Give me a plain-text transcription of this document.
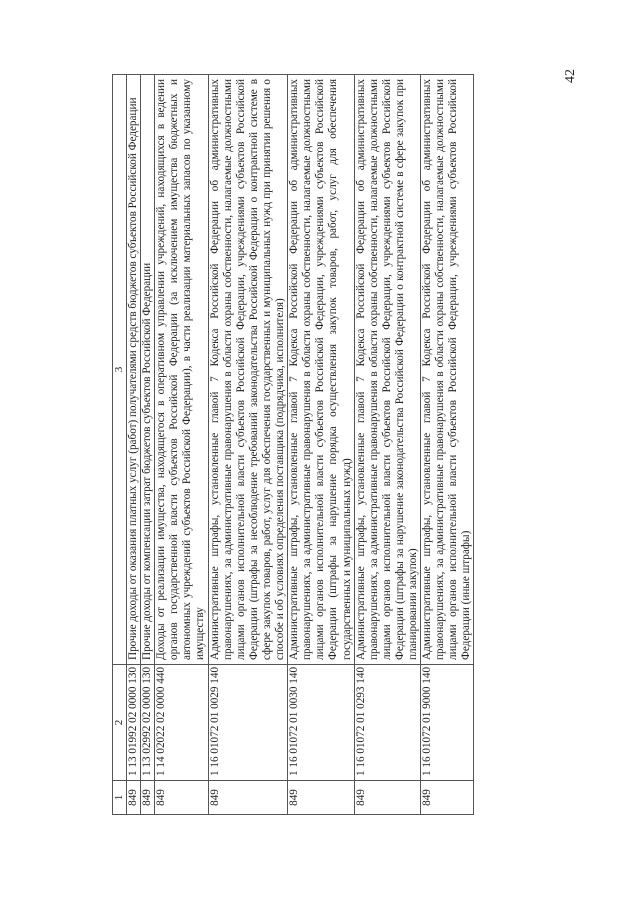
42
1	2	3
849	1 13 01992 02 0000 130	Прочие доходы от оказания платных услуг (работ) получателями средств бюджетов субъектов Российской Федерации
849	1 13 02992 02 0000 130	Прочие доходы от компенсации затрат бюджетов субъектов Российской Федерации
849	1 14 02022 02 0000 440	Доходы от реализации имущества, находящегося в оперативном управлении учреждений, находящихся в ведении органов государственной власти субъектов Российской Федерации (за исключением имущества бюджетных и автономных учреждений субъектов Российской Федерации), в части реализации материальных запасов по указанному имуществу
849	1 16 01072 01 0029 140	Административные штрафы, установленные главой 7 Кодекса Российской Федерации об административных правонарушениях, за административные правонарушения в области охраны собственности, налагаемые должностными лицами органов исполнительной власти субъектов Российской Федерации, учреждениями субъектов Российской Федерации (штрафы за несоблюдение требований законодательства Российской Федерации о контрактной системе в сфере закупок товаров, работ, услуг для обеспечения государственных и муниципальных нужд при принятии решения о способе и об условиях определения поставщика (подрядчика, исполнителя)
849	1 16 01072 01 0030 140	Административные штрафы, установленные главой 7 Кодекса Российской Федерации об административных правонарушениях, за административные правонарушения в области охраны собственности, налагаемые должностными лицами органов исполнительной власти субъектов Российской Федерации, учреждениями субъектов Российской Федерации (штрафы за нарушение порядка осуществления закупок товаров, работ, услуг для обеспечения государственных и муниципальных нужд)
849	1 16 01072 01 0293 140	Административные штрафы, установленные главой 7 Кодекса Российской Федерации об административных правонарушениях, за административные правонарушения в области охраны собственности, налагаемые должностными лицами органов исполнительной власти субъектов Российской Федерации, учреждениями субъектов Российской Федерации (штрафы за нарушение законодательства Российской Федерации о контрактной системе в сфере закупок при планировании закупок)
849	1 16 01072 01 9000 140	Административные штрафы, установленные главой 7 Кодекса Российской Федерации об административных правонарушениях, за административные правонарушения в области охраны собственности, налагаемые должностными лицами органов исполнительной власти субъектов Российской Федерации, учреждениями субъектов Российской Федерации (иные штрафы)
